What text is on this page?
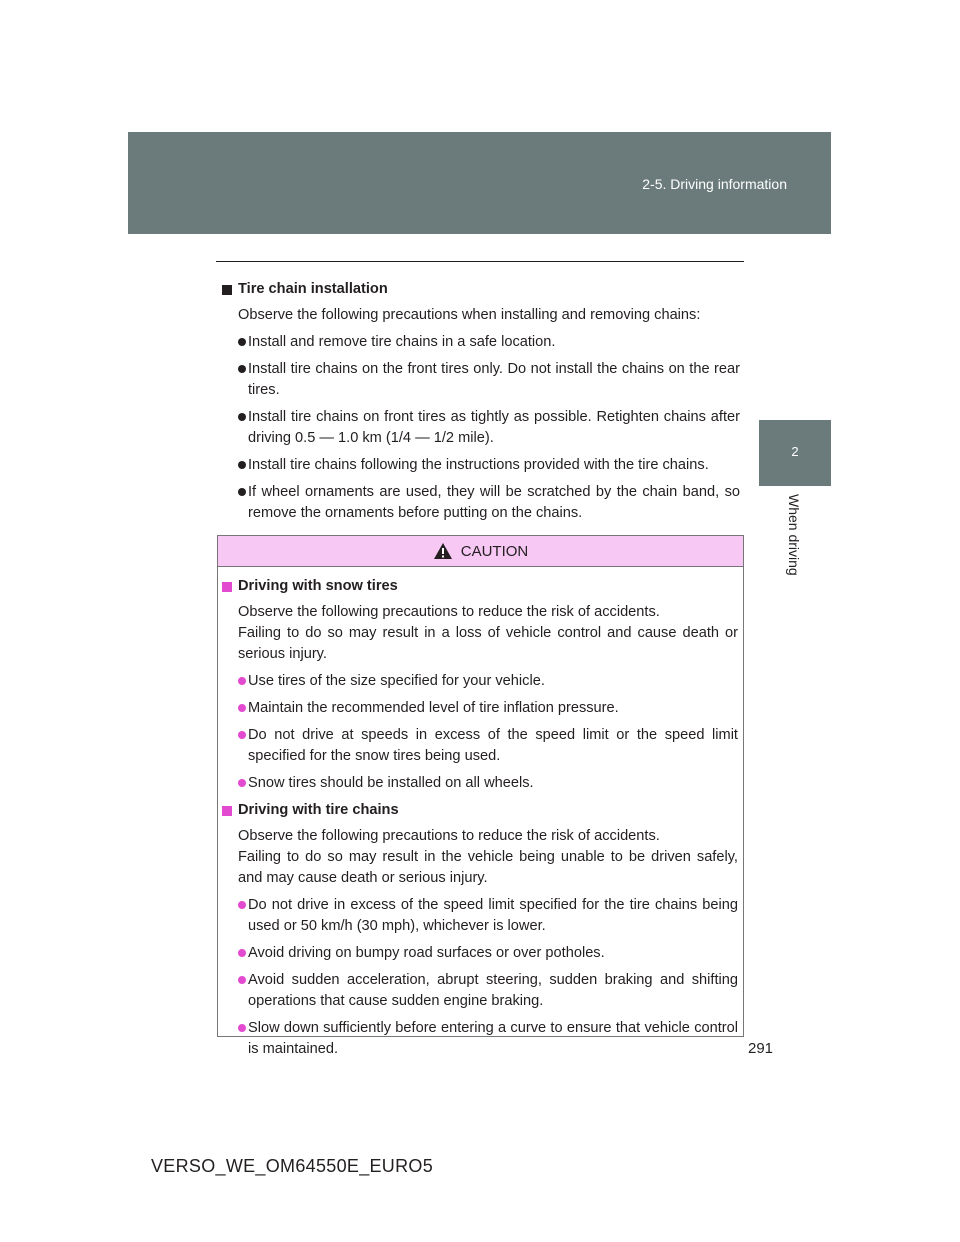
2-5. Driving information
2
When driving
Tire chain installation
Observe the following precautions when installing and removing chains:
Install and remove tire chains in a safe location.
Install tire chains on the front tires only. Do not install the chains on the rear tires.
Install tire chains on front tires as tightly as possible. Retighten chains after driving 0.5 — 1.0 km (1/4 — 1/2 mile).
Install tire chains following the instructions provided with the tire chains.
If wheel ornaments are used, they will be scratched by the chain band, so remove the ornaments before putting on the chains.
CAUTION
Driving with snow tires
Observe the following precautions to reduce the risk of accidents.
Failing to do so may result in a loss of vehicle control and cause death or serious injury.
Use tires of the size specified for your vehicle.
Maintain the recommended level of tire inflation pressure.
Do not drive at speeds in excess of the speed limit or the speed limit specified for the snow tires being used.
Snow tires should be installed on all wheels.
Driving with tire chains
Observe the following precautions to reduce the risk of accidents.
Failing to do so may result in the vehicle being unable to be driven safely, and may cause death or serious injury.
Do not drive in excess of the speed limit specified for the tire chains being used or 50 km/h (30 mph), whichever is lower.
Avoid driving on bumpy road surfaces or over potholes.
Avoid sudden acceleration, abrupt steering, sudden braking and shifting operations that cause sudden engine braking.
Slow down sufficiently before entering a curve to ensure that vehicle control is maintained.	291
VERSO_WE_OM64550E_EURO5
